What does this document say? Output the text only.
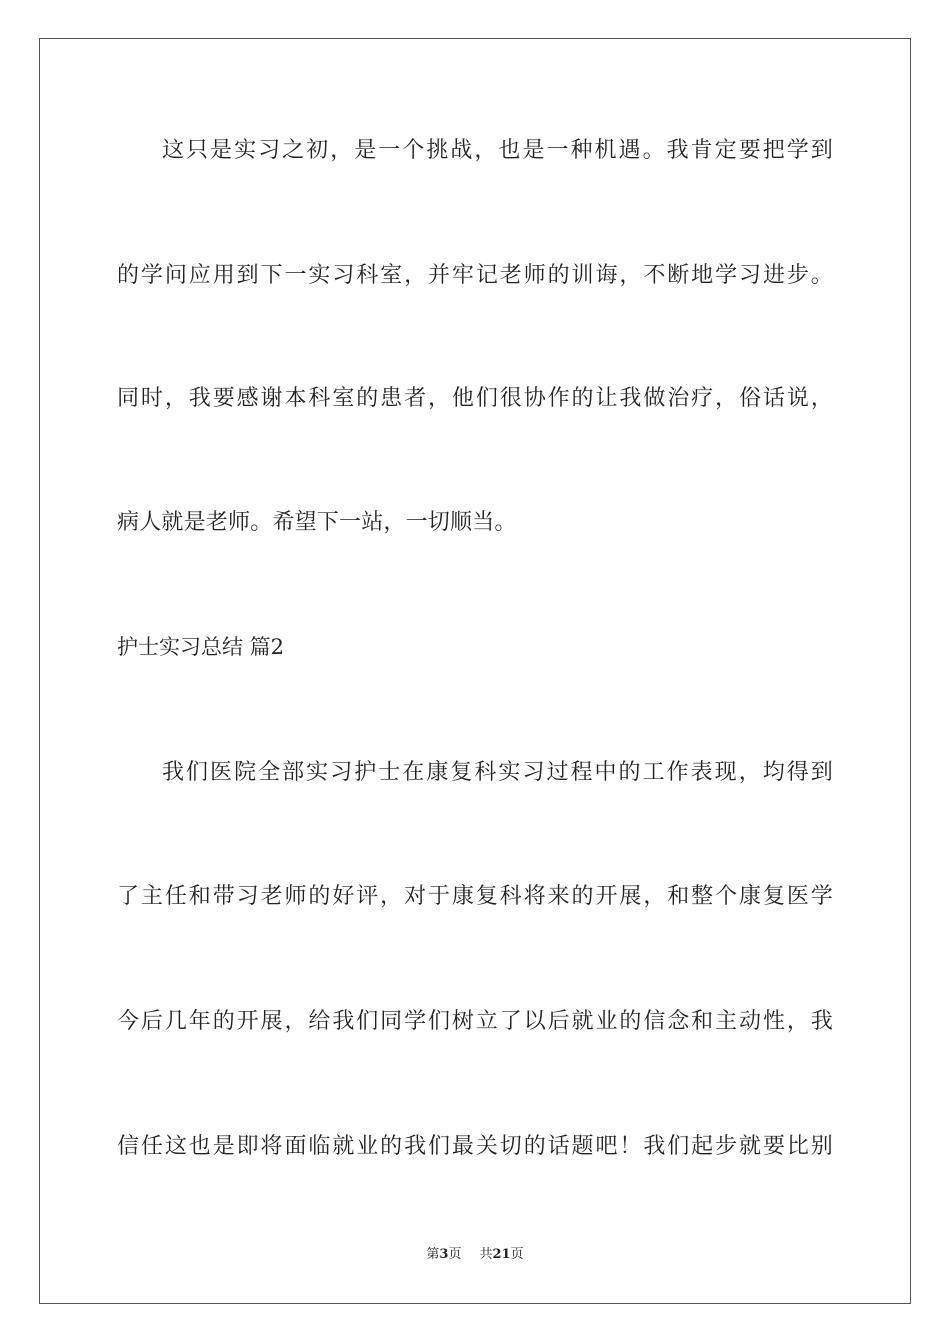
这只是实习之初，是一个挑战，也是一种机遇。我肯定要把学到
的学问应用到下一实习科室，并牢记老师的训诲，不断地学习进步。
同时，我要感谢本科室的患者，他们很协作的让我做治疗，俗话说，
病人就是老师。希望下一站，一切顺当。
护士实习总结 篇2
我们医院全部实习护士在康复科实习过程中的工作表现，均得到
了主任和带习老师的好评，对于康复科将来的开展，和整个康复医学
今后几年的开展，给我们同学们树立了以后就业的信念和主动性，我
信任这也是即将面临就业的我们最关切的话题吧！我们起步就要比别
第3页 共21页
